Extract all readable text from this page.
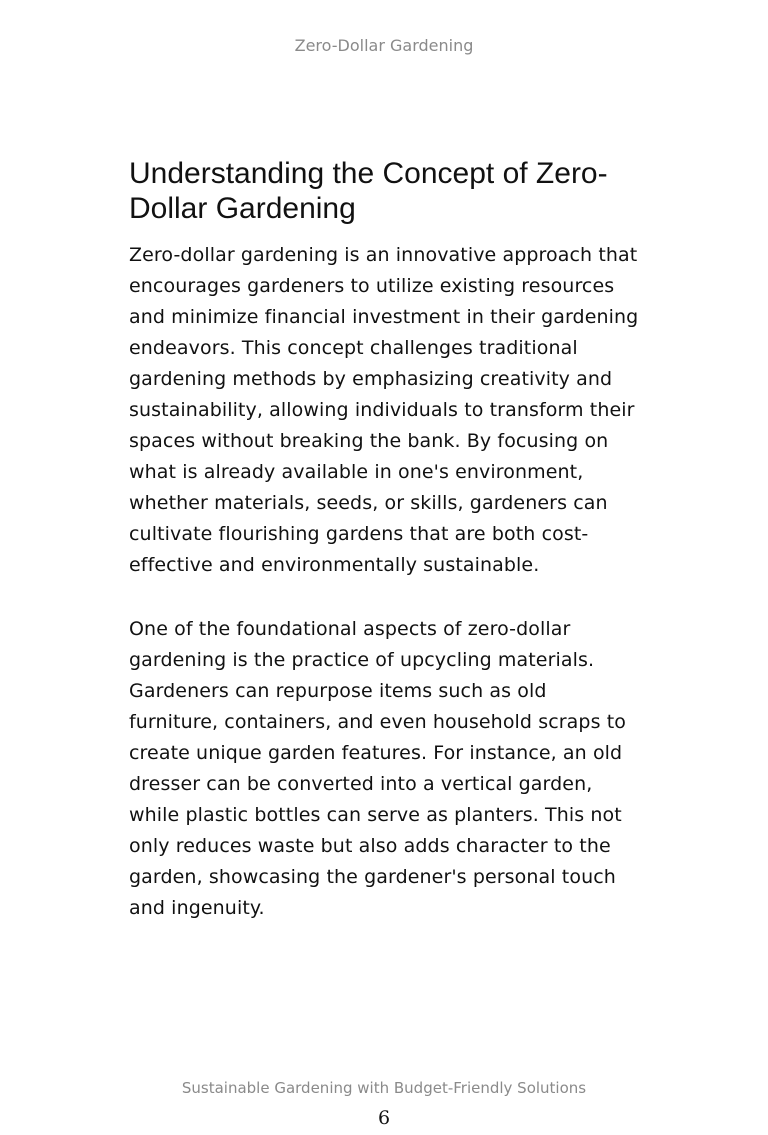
Zero-Dollar Gardening
Understanding the Concept of Zero-Dollar Gardening

Zero-dollar gardening is an innovative approach that encourages gardeners to utilize existing resources and minimize financial investment in their gardening endeavors. This concept challenges traditional gardening methods by emphasizing creativity and sustainability, allowing individuals to transform their spaces without breaking the bank. By focusing on what is already available in one's environment, whether materials, seeds, or skills, gardeners can cultivate flourishing gardens that are both cost-effective and environmentally sustainable.

One of the foundational aspects of zero-dollar gardening is the practice of upcycling materials. Gardeners can repurpose items such as old furniture, containers, and even household scraps to create unique garden features. For instance, an old dresser can be converted into a vertical garden, while plastic bottles can serve as planters. This not only reduces waste but also adds character to the garden, showcasing the gardener's personal touch and ingenuity.

Sustainable Gardening with Budget-Friendly Solutions
6
